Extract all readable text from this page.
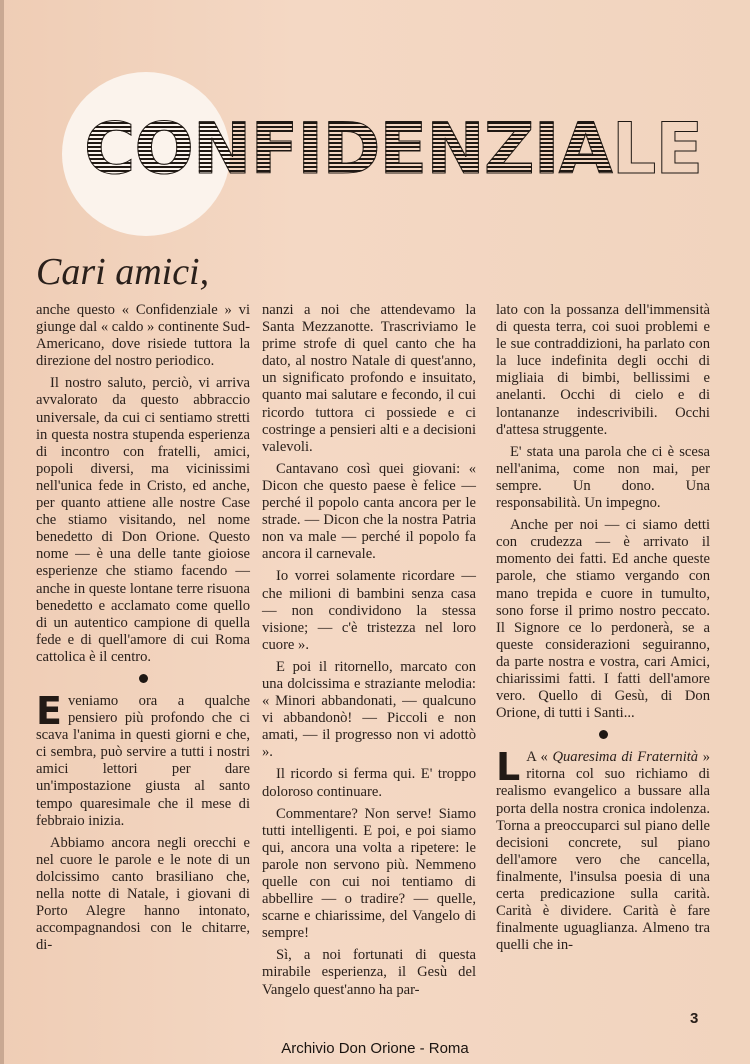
CONFIDENZIALE
Cari amici,

anche questo « Confidenziale » vi giunge dal « caldo » continente Sud-Americano, dove risiede tuttora la direzione del nostro periodico.

Il nostro saluto, perciò, vi arriva avvalorato da questo abbraccio universale, da cui ci sentiamo stretti in questa nostra stupenda esperienza di incontro con fratelli, amici, popoli diversi, ma vicinissimi nell'unica fede in Cristo, ed anche, per quanto attiene alle nostre Case che stiamo visitando, nel nome benedetto di Don Orione. Questo nome — è una delle tante gioiose esperienze che stiamo facendo — anche in queste lontane terre risuona benedetto e acclamato come quello di un autentico campione di quella fede e di quell'amore di cui Roma cattolica è il centro.

Eveniamo ora a qualche pensiero più profondo che ci scava l'anima in questi giorni e che, ci sembra, può servire a tutti i nostri amici lettori per dare un'impostazione giusta al santo tempo quaresimale che il mese di febbraio inizia.

Abbiamo ancora negli orecchi e nel cuore le parole e le note di un dolcissimo canto brasiliano che, nella notte di Natale, i giovani di Porto Alegre hanno intonato, accompagnandosi con le chitarre, di-

nanzi a noi che attendevamo la Santa Mezzanotte. Trascriviamo le prime strofe di quel canto che ha dato, al nostro Natale di quest'anno, un significato profondo e insuitato, quanto mai salutare e fecondo, il cui ricordo tuttora ci possiede e ci costringe a pensieri alti e a decisioni valevoli.

Cantavano così quei giovani: « Dicon che questo paese è felice — perché il popolo canta ancora per le strade. — Dicon che la nostra Patria non va male — perché il popolo fa ancora il carnevale.

Io vorrei solamente ricordare — che milioni di bambini senza casa — non condividono la stessa visione; — c'è tristezza nel loro cuore ».

E poi il ritornello, marcato con una dolcissima e straziante melodia: « Minori abbandonati, — qualcuno vi abbandonò! — Piccoli e non amati, — il progresso non vi adottò ».

Il ricordo si ferma qui. E' troppo doloroso continuare.

Commentare? Non serve! Siamo tutti intelligenti. E poi, e poi siamo qui, ancora una volta a ripetere: le parole non servono più. Nemmeno quelle con cui noi tentiamo di abbellire — o tradire? — quelle, scarne e chiarissime, del Vangelo di sempre!

Sì, a noi fortunati di questa mirabile esperienza, il Gesù del Vangelo quest'anno ha par-

lato con la possanza dell'immensità di questa terra, coi suoi problemi e le sue contraddizioni, ha parlato con la luce indefinita degli occhi di migliaia di bimbi, bellissimi e anelanti. Occhi di cielo e di lontananze indescrivibili. Occhi d'attesa struggente.

E' stata una parola che ci è scesa nell'anima, come non mai, per sempre. Un dono. Una responsabilità. Un impegno.

Anche per noi — ci siamo detti con crudezza — è arrivato il momento dei fatti. Ed anche queste parole, che stiamo vergando con mano trepida e cuore in tumulto, sono forse il primo nostro peccato. Il Signore ce lo perdonerà, se a queste considerazioni seguiranno, da parte nostra e vostra, cari Amici, chiarissimi fatti. I fatti dell'amore vero. Quello di Gesù, di Don Orione, di tutti i Santi...

L A « Quaresima di Fraternità » ritorna col suo richiamo di realismo evangelico a bussare alla porta della nostra cronica indolenza. Torna a preoccuparci sul piano delle decisioni concrete, sul piano dell'amore vero che cancella, finalmente, l'insulsa poesia di una certa predicazione sulla carità. Carità è dividere. Carità è fare finalmente uguaglianza. Almeno tra quelli che in-

3
Archivio Don Orione - Roma
